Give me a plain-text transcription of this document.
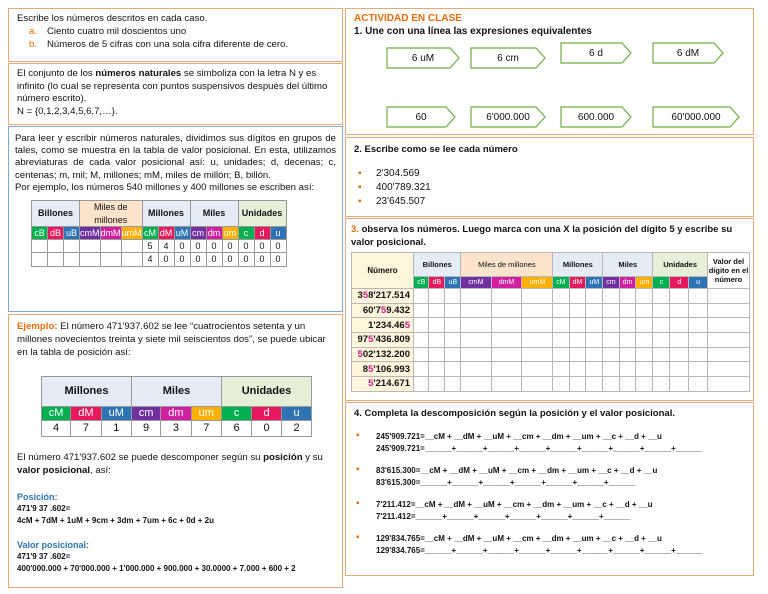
Escribe los números descritos en cada caso.
a.	Ciento cuatro mil doscientos uno
b.	Números de 5 cifras con una sola cifra diferente de cero.

El conjunto de los números naturales se simboliza con la letra N y es infinito (lo cual se representa con puntos suspensivos después del último número escrito).

N = {0,1,2,3,4,5,6,7,…}.

Para leer y escribir números naturales, dividimos sus dígitos en grupos de tales, como se muestra en la tabla de valor posicional. En esta, utilizamos abreviaturas de cada valor posicional así: u, unidades; d, decenas; c, centenas; m, mil; M, millones; mM, miles de millón; B, billón.

Por ejemplo, los números 540 millones y 400 millones se escriben así:

Billones			Miles de millones			Millones			Miles			Unidades		
cB	dB	uB	cmM	dmM	umM	cM	dM	uM	cm	dm	um	c	d	u
						5	4	0	0	0	0	0	0	0
						4	0	0	0	0	0	0	0	0

Ejemplo: El número 471'937.602 se lee “cuatrocientos setenta y un millones novecientos treinta y siete mil seiscientos dos”, se puede ubicar en la tabla de posición así:

Millones			Miles			Unidades		
cM	dM	uM	cm	dm	um	c	d	u
4	7	1	9	3	7	6	0	2

El número 471'937.602 se puede descomponer según su posición y su valor posicional, así:

Posición:
471'9 37 .602=
4cM + 7dM + 1uM + 9cm + 3dm + 7um + 6c + 0d + 2u
Valor posicional:
471'9 37 .602=
400'000.000 + 70'000.000 + 1'000.000 + 900.000 + 30.0000 + 7.000 + 600 + 2
ACTIVIDAD EN CLASE
1. Une con una línea las expresiones equivalentes
6 uM	6 cm	6 d	6 dM
60	6'000.000	600.000	60'000.000
2. Escribe como se lee cada número
▪ 2'304.569
▪ 400'789.321
▪ 23'645.507

3. observa los números. Luego marca con una X la posición del dígito 5 y escribe su valor posicional.

Número	Billones			Miles de millones			Millones			Miles			Unidades			Valor del dígito en el número
	cB	dB	uB	cmM	dmM	umM	cM	dM	uM	cm	dm	um	c	d	u	
358'217.514																
60'759.432																
1'234.465																
975'436.809																
502'132.200																
85'106.993																
5'214.671																
4. Completa la descomposición según la posición y el valor posicional.
▪ 245'909.721=__cM + __dM + __uM + __cm + __dm + __um + __c + __d + __u
245'909.721=______+______+______+______+______+______+______+______+______
▪ 83'615.300=__cM + __dM + __uM + __cm + __dm + __um + __c + __d + __u
83'615.300=______+______+______+______+______+______+______
▪ 7'211.412=__cM + __dM + __uM + __cm + __dm + __um + __c + __d + __u
7'211.412=______+______+______+______+______+______+______
▪ 129'834.765=__cM + __dM + __uM + __cm + __dm + __um + __c + __d + __u
129'834.765=______+______+______+______+______+______+______+______+______
